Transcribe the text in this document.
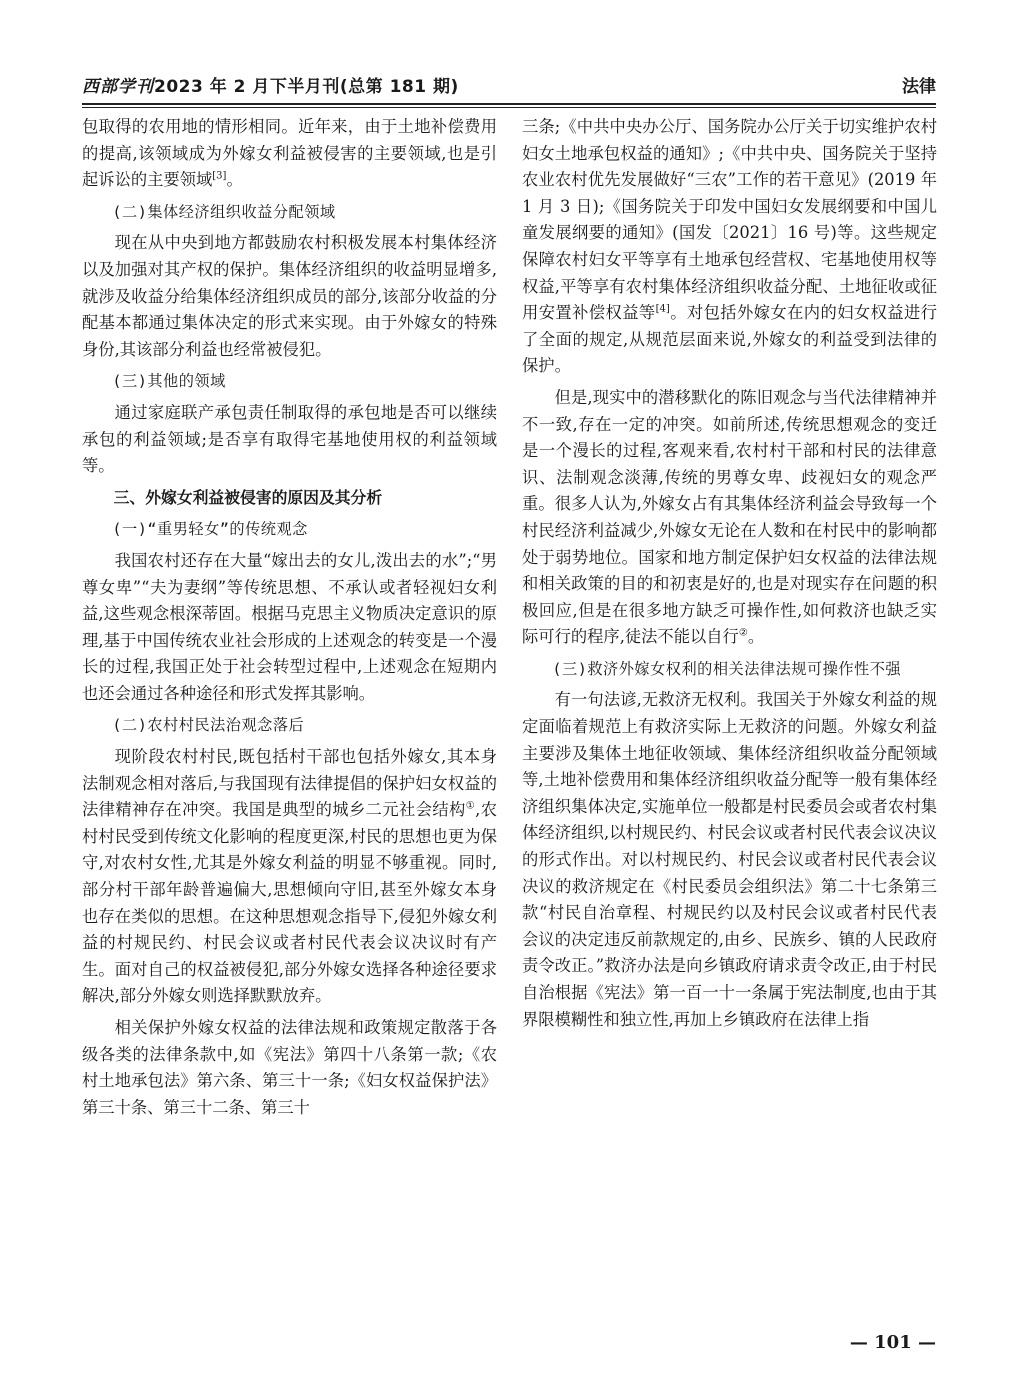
西部学刊2023 年 2 月下半月刊(总第 181 期)	法律

包取得的农用地的情形相同。近年来，由于土地补偿费用的提高,该领域成为外嫁女利益被侵害的主要领域,也是引起诉讼的主要领域[3]。

(二)集体经济组织收益分配领域

现在从中央到地方都鼓励农村积极发展本村集体经济以及加强对其产权的保护。集体经济组织的收益明显增多,就涉及收益分给集体经济组织成员的部分,该部分收益的分配基本都通过集体决定的形式来实现。由于外嫁女的特殊身份,其该部分利益也经常被侵犯。

(三)其他的领域

通过家庭联产承包责任制取得的承包地是否可以继续承包的利益领域;是否享有取得宅基地使用权的利益领域等。

三、外嫁女利益被侵害的原因及其分析

(一)“重男轻女”的传统观念

我国农村还存在大量“嫁出去的女儿,泼出去的水”;“男尊女卑”“夫为妻纲”等传统思想、不承认或者轻视妇女利益,这些观念根深蒂固。根据马克思主义物质决定意识的原理,基于中国传统农业社会形成的上述观念的转变是一个漫长的过程,我国正处于社会转型过程中,上述观念在短期内也还会通过各种途径和形式发挥其影响。

(二)农村村民法治观念落后

现阶段农村村民,既包括村干部也包括外嫁女,其本身法制观念相对落后,与我国现有法律提倡的保护妇女权益的法律精神存在冲突。我国是典型的城乡二元社会结构①,农村村民受到传统文化影响的程度更深,村民的思想也更为保守,对农村女性,尤其是外嫁女利益的明显不够重视。同时,部分村干部年龄普遍偏大,思想倾向守旧,甚至外嫁女本身也存在类似的思想。在这种思想观念指导下,侵犯外嫁女利益的村规民约、村民会议或者村民代表会议决议时有产生。面对自己的权益被侵犯,部分外嫁女选择各种途径要求解决,部分外嫁女则选择默默放弃。

相关保护外嫁女权益的法律法规和政策规定散落于各级各类的法律条款中,如《宪法》第四十八条第一款;《农村土地承包法》第六条、第三十一条;《妇女权益保护法》第三十条、第三十二条、第三十

三条;《中共中央办公厅、国务院办公厅关于切实维护农村妇女土地承包权益的通知》;《中共中央、国务院关于坚持农业农村优先发展做好“三农”工作的若干意见》(2019 年 1 月 3 日);《国务院关于印发中国妇女发展纲要和中国儿童发展纲要的通知》(国发〔2021〕16 号)等。这些规定保障农村妇女平等享有土地承包经营权、宅基地使用权等权益,平等享有农村集体经济组织收益分配、土地征收或征用安置补偿权益等[4]。对包括外嫁女在内的妇女权益进行了全面的规定,从规范层面来说,外嫁女的利益受到法律的保护。

但是,现实中的潜移默化的陈旧观念与当代法律精神并不一致,存在一定的冲突。如前所述,传统思想观念的变迁是一个漫长的过程,客观来看,农村村干部和村民的法律意识、法制观念淡薄,传统的男尊女卑、歧视妇女的观念严重。很多人认为,外嫁女占有其集体经济利益会导致每一个村民经济利益减少,外嫁女无论在人数和在村民中的影响都处于弱势地位。国家和地方制定保护妇女权益的法律法规和相关政策的目的和初衷是好的,也是对现实存在问题的积极回应,但是在很多地方缺乏可操作性,如何救济也缺乏实际可行的程序,徒法不能以自行②。

(三)救济外嫁女权利的相关法律法规可操作性不强

有一句法谚,无救济无权利。我国关于外嫁女利益的规定面临着规范上有救济实际上无救济的问题。外嫁女利益主要涉及集体土地征收领域、集体经济组织收益分配领域等,土地补偿费用和集体经济组织收益分配等一般有集体经济组织集体决定,实施单位一般都是村民委员会或者农村集体经济组织,以村规民约、村民会议或者村民代表会议决议的形式作出。对以村规民约、村民会议或者村民代表会议决议的救济规定在《村民委员会组织法》第二十七条第三款“村民自治章程、村规民约以及村民会议或者村民代表会议的决定违反前款规定的,由乡、民族乡、镇的人民政府责令改正。”救济办法是向乡镇政府请求责令改正,由于村民自治根据《宪法》第一百一十一条属于宪法制度,也由于其界限模糊性和独立性,再加上乡镇政府在法律上指

— 101 —
